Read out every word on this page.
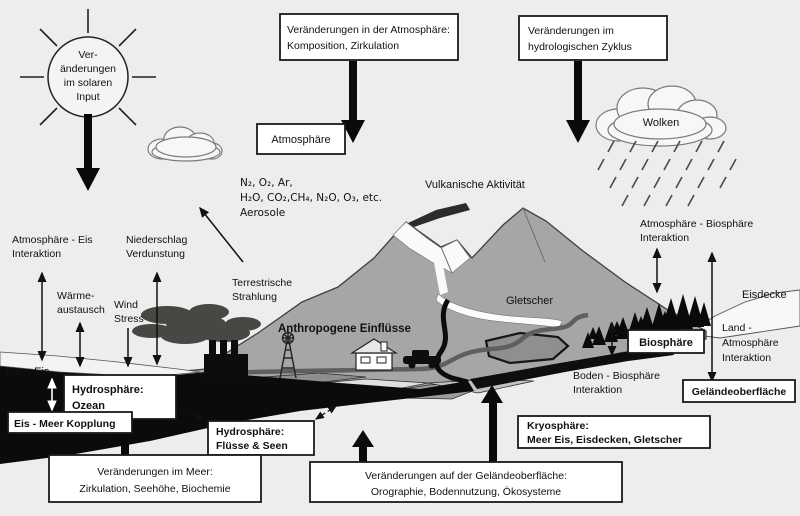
Ver-
änderungen
im solaren
Input
Wolken
Veränderungen in der Atmosphäre:
Komposition, Zirkulation
Veränderungen im
hydrologischen Zyklus
Atmosphäre
Hydrosphäre:
Ozean
Eis - Meer Kopplung
Hydrosphäre:
Flüsse & Seen
Veränderungen im Meer:
Zirkulation, Seehöhe, Biochemie
Veränderungen auf der Geländeoberfläche:
Orographie, Bodennutzung, Ökosysteme
Kryosphäre:
Meer Eis, Eisdecken, Gletscher
Biosphäre
Geländeoberfläche
N₂, O₂, Ar,
H₂O, CO₂,CH₄, N₂O, O₃, etc.
Aerosole
Vulkanische Aktivität
Atmosphäre - Eis
Interaktion
Niederschlag
Verdunstung
Wärme-
austausch Wind
Stress
Terrestrische
Strahlung
Anthropogene Einflüsse
Meer Eis
Gletscher
Atmosphäre - Biosphäre
Interaktion
Eisdecke
Land -
Atmosphäre
Interaktion
Boden - Biosphäre
Interaktion
